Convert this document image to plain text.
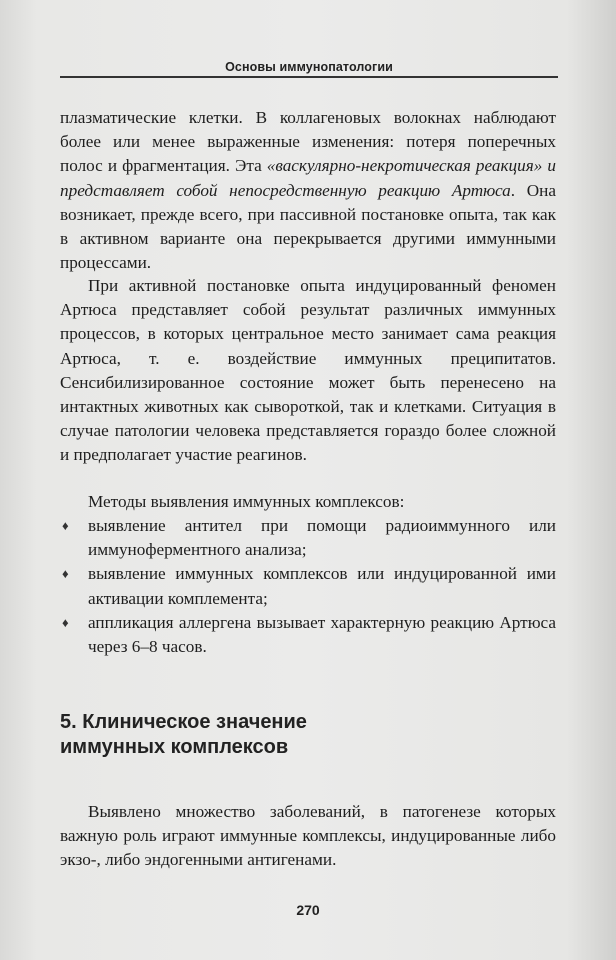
Основы иммунопатологии
плазматические клетки. В коллагеновых волокнах наблюдают более или менее выраженные изменения: потеря поперечных полос и фрагментация. Эта «васкулярно-некротическая реакция» и представляет собой непосредственную реакцию Артюса. Она возникает, прежде всего, при пассивной постановке опыта, так как в активном варианте она перекрывается другими иммунными процессами.
При активной постановке опыта индуцированный феномен Артюса представляет собой результат различных иммунных процессов, в которых центральное место занимает сама реакция Артюса, т. е. воздействие иммунных преципитатов. Сенсибилизированное состояние может быть перенесено на интактных животных как сывороткой, так и клетками. Ситуация в случае патологии человека представляется гораздо более сложной и предполагает участие реагинов.
Методы выявления иммунных комплексов:
♦ выявление антител при помощи радиоиммунного или иммуноферментного анализа;
♦ выявление иммунных комплексов или индуцированной ими активации комплемента;
♦ аппликация аллергена вызывает характерную реакцию Артюса через 6–8 часов.
5. Клиническое значение
иммунных комплексов
Выявлено множество заболеваний, в патогенезе которых важную роль играют иммунные комплексы, индуцированные либо экзо-, либо эндогенными антигенами.
270
